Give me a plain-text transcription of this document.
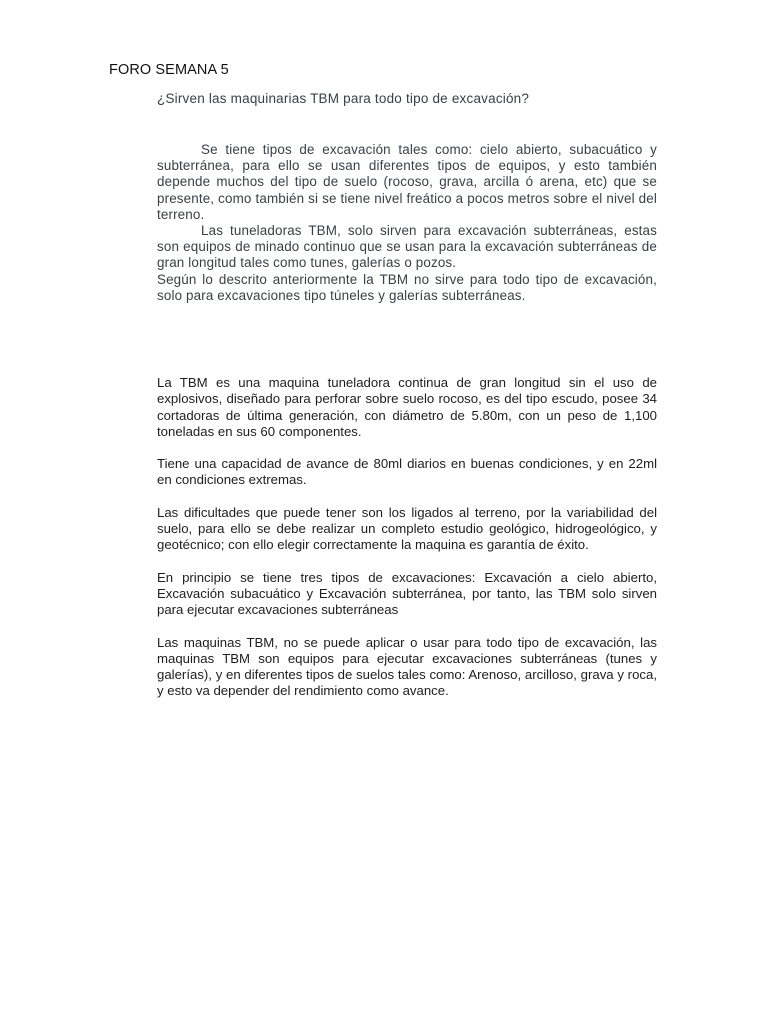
FORO SEMANA 5
¿Sirven las maquinarias TBM para todo tipo de excavación?

Se tiene tipos de excavación tales como: cielo abierto, subacuático y subterránea, para ello se usan diferentes tipos de equipos, y esto también depende muchos del tipo de suelo (rocoso, grava, arcilla ó arena, etc) que se presente, como también si se tiene nivel freático a pocos metros sobre el nivel del terreno.

Las tuneladoras TBM, solo sirven para excavación subterráneas, estas son equipos de minado continuo que se usan para la excavación subterráneas de gran longitud tales como tunes, galerías o pozos.

Según lo descrito anteriormente la TBM no sirve para todo tipo de excavación, solo para excavaciones tipo túneles y galerías subterráneas.

La TBM es una maquina tuneladora continua de gran longitud sin el uso de explosivos, diseñado para perforar sobre suelo rocoso, es del tipo escudo, posee 34 cortadoras de última generación, con diámetro de 5.80m, con un peso de 1,100 toneladas en sus 60 componentes.

Tiene una capacidad de avance de 80ml diarios en buenas condiciones, y en 22ml en condiciones extremas.

Las dificultades que puede tener son los ligados al terreno, por la variabilidad del suelo, para ello se debe realizar un completo estudio geológico, hidrogeológico, y geotécnico; con ello elegir correctamente la maquina es garantía de éxito.

En principio se tiene tres tipos de excavaciones: Excavación a cielo abierto, Excavación subacuático y Excavación subterránea, por tanto, las TBM solo sirven para ejecutar excavaciones subterráneas

Las maquinas TBM, no se puede aplicar o usar para todo tipo de excavación, las maquinas TBM son equipos para ejecutar excavaciones subterráneas (tunes y galerías), y en diferentes tipos de suelos tales como: Arenoso, arcilloso, grava y roca, y esto va depender del rendimiento como avance.
